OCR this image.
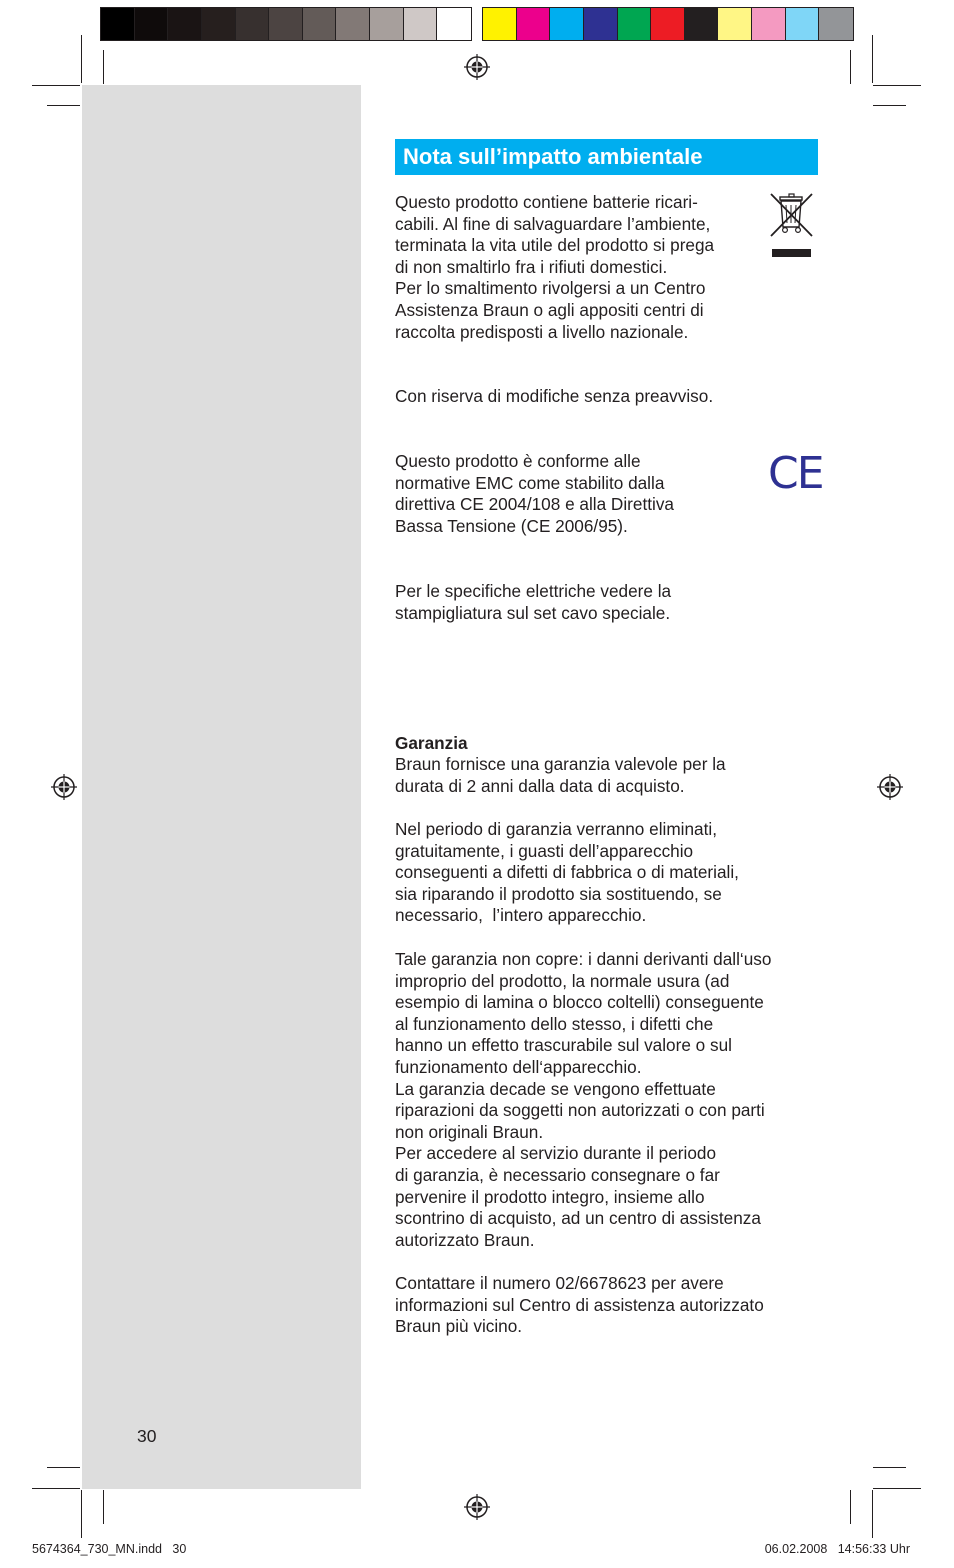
Nota sull’impatto ambientale

Questo prodotto contiene batterie ricari-
cabili. Al fine di salvaguardare l’ambiente,
terminata la vita utile del prodotto si prega
di non smaltirlo fra i rifiuti domestici.
Per lo smaltimento rivolgersi a un Centro
Assistenza Braun o agli appositi centri di
raccolta predisposti a livello nazionale.

Con riserva di modifiche senza preavviso.

Questo prodotto è conforme alle
normative EMC come stabilito dalla
direttiva CE 2004/108 e alla Direttiva
Bassa Tensione (CE 2006/95).

CE

Per le specifiche elettriche vedere la
stampigliatura sul set cavo speciale.

Garanzia

Braun fornisce una garanzia valevole per la
durata di 2 anni dalla data di acquisto.

Nel periodo di garanzia verranno eliminati,
gratuitamente, i guasti dell’apparecchio
conseguenti a difetti di fabbrica o di materiali,
sia riparando il prodotto sia sostituendo, se
necessario,  l’intero apparecchio.

Tale garanzia non copre: i danni derivanti dall‘uso
improprio del prodotto, la normale usura (ad
esempio di lamina o blocco coltelli) conseguente
al funzionamento dello stesso, i difetti che
hanno un effetto trascurabile sul valore o sul
funzionamento dell‘apparecchio.
La garanzia decade se vengono effettuate
riparazioni da soggetti non autorizzati o con parti
non originali Braun.
Per accedere al servizio durante il periodo
di garanzia, è necessario consegnare o far
pervenire il prodotto integro, insieme allo
scontrino di acquisto, ad un centro di assistenza
autorizzato Braun.

Contattare il numero 02/6678623 per avere
informazioni sul Centro di assistenza autorizzato
Braun più vicino.

30
5674364_730_MN.indd   30	06.02.2008   14:56:33 Uhr
